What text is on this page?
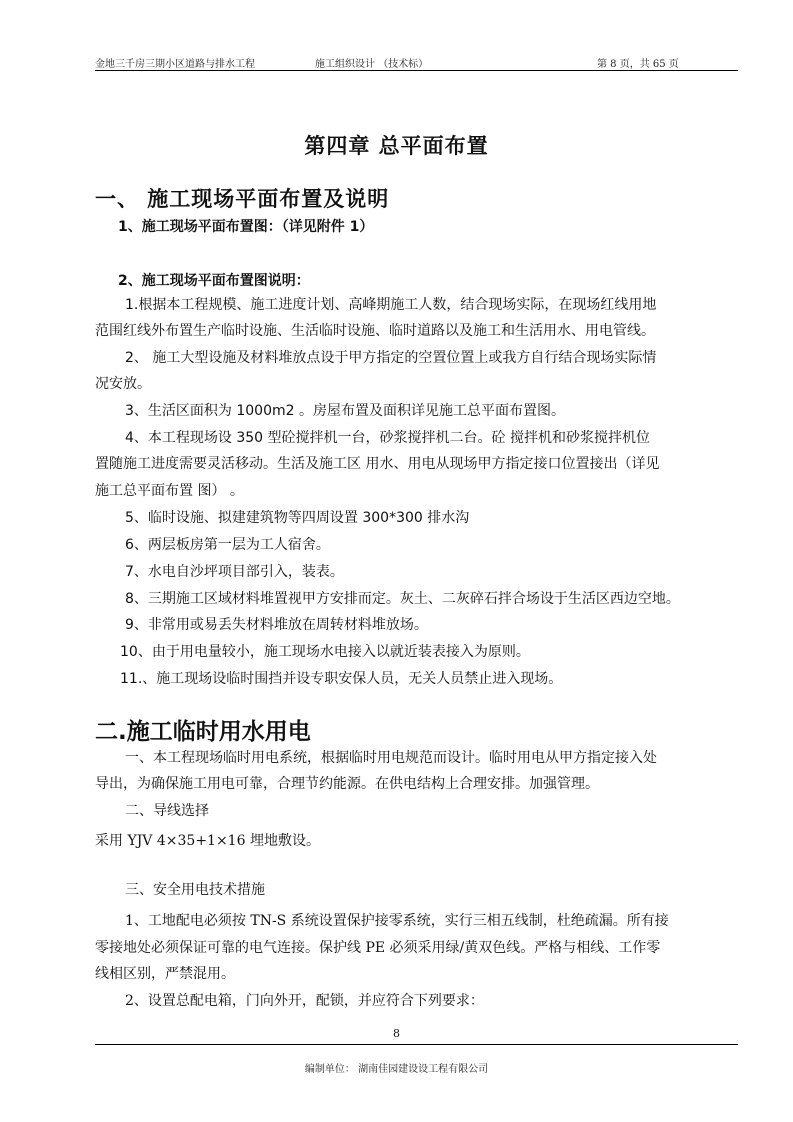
金地三千房三期小区道路与排水工程	施工组织设计 （技术标）	第 8 页，共 65 页
第四章 总平面布置
一、 施工现场平面布置及说明
1、施工现场平面布置图：（详见附件 1）
2、施工现场平面布置图说明：
1.根据本工程规模、施工进度计划、高峰期施工人数，结合现场实际，在现场红线用地
范围红线外布置生产临时设施、生活临时设施、临时道路以及施工和生活用水、用电管线。
2、 施工大型设施及材料堆放点设于甲方指定的空置位置上或我方自行结合现场实际情
况安放。
3、生活区面积为 1000m2 。房屋布置及面积详见施工总平面布置图。
4、本工程现场设 350 型砼搅拌机一台，砂浆搅拌机二台。砼 搅拌机和砂浆搅拌机位
置随施工进度需要灵活移动。生活及施工区 用水、用电从现场甲方指定接口位置接出（详见
施工总平面布置 图） 。
5、临时设施、拟建建筑物等四周设置 300*300 排水沟
6、两层板房第一层为工人宿舍。
7、水电自沙坪项目部引入，装表。
8、三期施工区域材料堆置视甲方安排而定。灰土、二灰碎石拌合场设于生活区西边空地。
9、非常用或易丢失材料堆放在周转材料堆放场。
10、由于用电量较小，施工现场水电接入以就近装表接入为原则。
11.、施工现场设临时围挡并设专职安保人员，无关人员禁止进入现场。
二.施工临时用水用电
一、本工程现场临时用电系统，根据临时用电规范而设计。临时用电从甲方指定接入处
导出，为确保施工用电可靠，合理节约能源。在供电结构上合理安排。加强管理。
二、导线选择
采用 YJV 4×35+1×16 埋地敷设。
三、安全用电技术措施
1、工地配电必须按 TN-S 系统设置保护接零系统，实行三相五线制，杜绝疏漏。所有接
零接地处必须保证可靠的电气连接。保护线 PE 必须采用绿/黄双色线。严格与相线、工作零
线相区别，严禁混用。
2、设置总配电箱，门向外开，配锁，并应符合下列要求：
8
编制单位： 湖南佳园建设设工程有限公司
